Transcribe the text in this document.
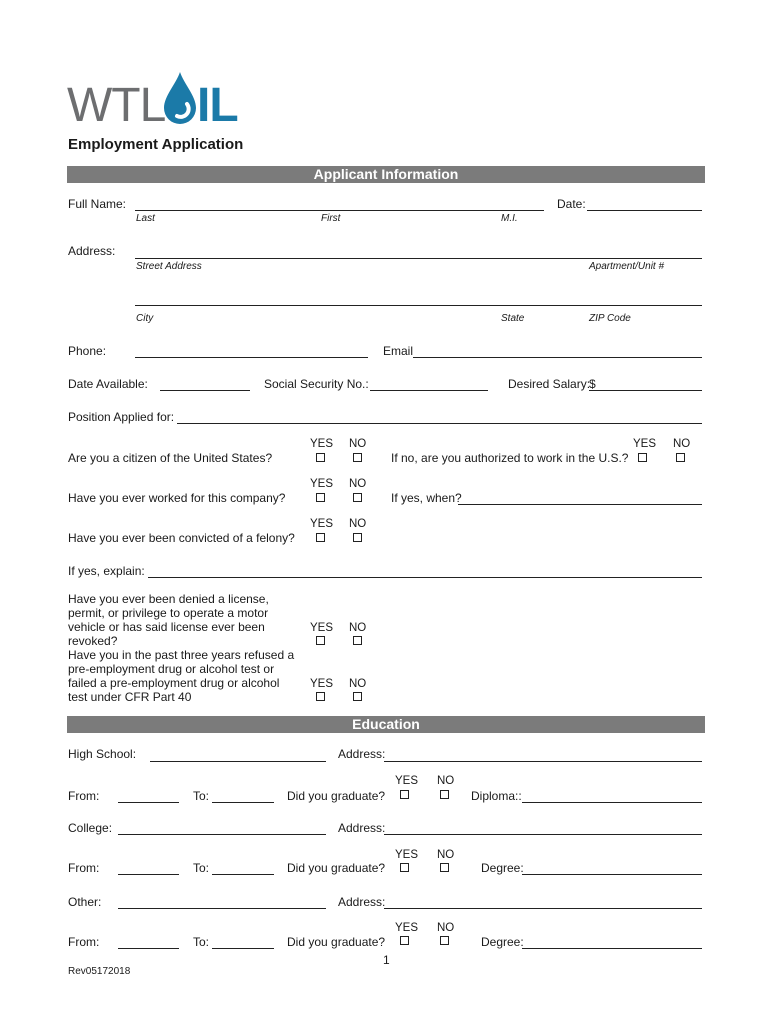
WTL IL
Employment Application
Applicant Information
Full Name:	Date:
Last	First	M.I.
Address:
Street Address	Apartment/Unit #
City	State	ZIP Code
Phone:	Email
Date Available:	Social Security No.:	Desired Salary:
$
Position Applied for:
YES NO
Are you a citizen of the United States?
YES NO
If no, are you authorized to work in the U.S.?
YES NO
Have you ever worked for this company?	If yes, when?
YES NO
Have you ever been convicted of a felony?
If yes, explain:
Have you ever been denied a license,
permit, or privilege to operate a motor
vehicle or has said license ever been
revoked?
YES NO
Have you in the past three years refused a
pre-employment drug or alcohol test or
failed a pre-employment drug or alcohol
test under CFR Part 40
YES NO
Education
High School:	Address:
YES NO
From:	To:	Did you graduate?	Diploma::
College:	Address:
YES NO
From:	To:	Did you graduate?	Degree:
Other:	Address:
YES NO
From:	To:	Did you graduate?	Degree:
1
Rev05172018
